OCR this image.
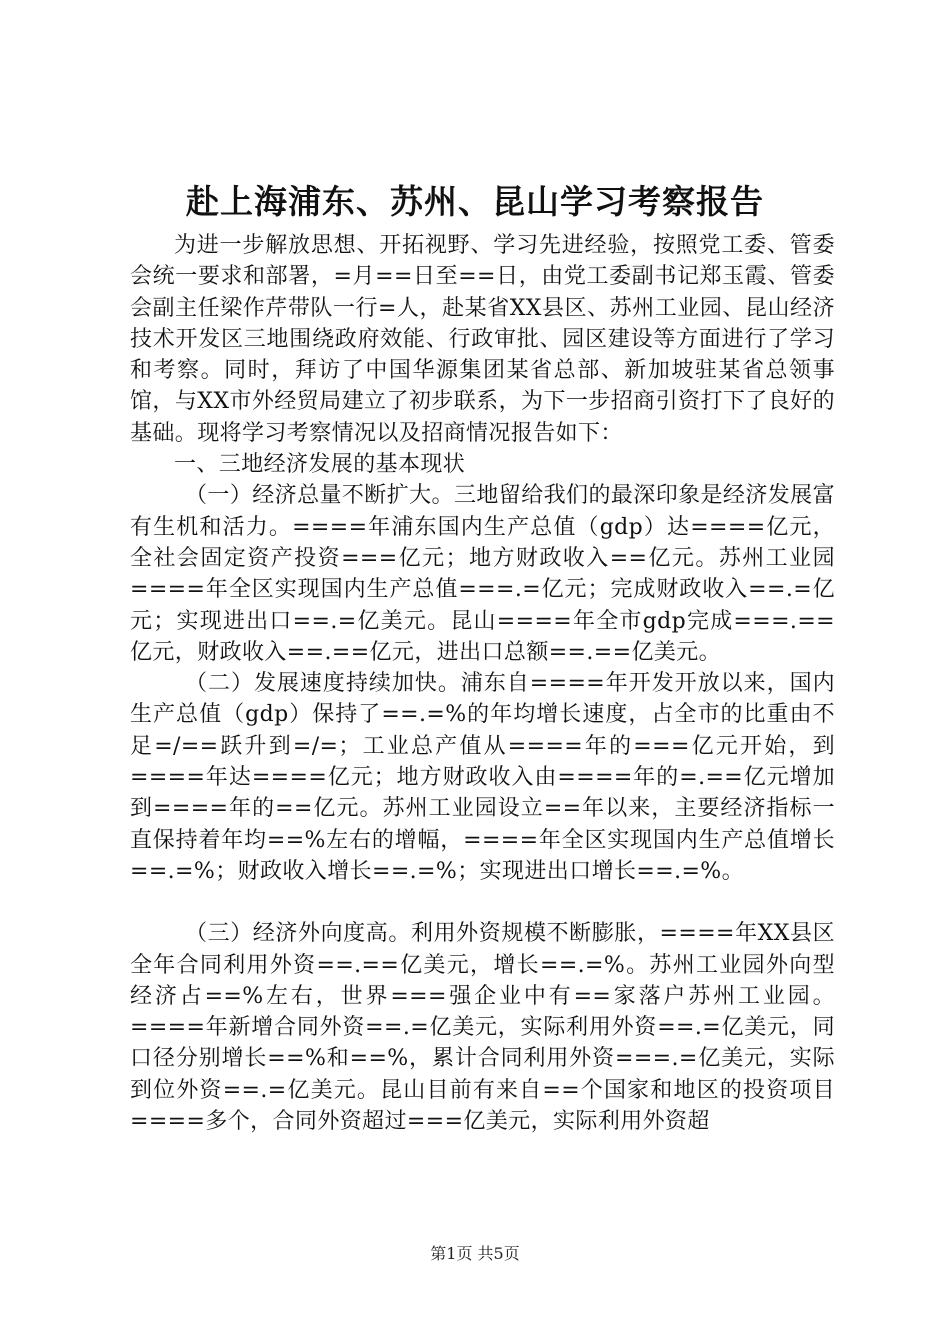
赴上海浦东、苏州、昆山学习考察报告

为进一步解放思想、开拓视野、学习先进经验，按照党工委、管委会统一要求和部署，=月==日至==日，由党工委副书记郑玉霞、管委会副主任梁作芹带队一行=人，赴某省XX县区、苏州工业园、昆山经济技术开发区三地围绕政府效能、行政审批、园区建设等方面进行了学习和考察。同时，拜访了中国华源集团某省总部、新加坡驻某省总领事馆，与XX市外经贸局建立了初步联系，为下一步招商引资打下了良好的基础。现将学习考察情况以及招商情况报告如下：

一、三地经济发展的基本现状

（一）经济总量不断扩大。三地留给我们的最深印象是经济发展富有生机和活力。====年浦东国内生产总值（gdp）达====亿元，全社会固定资产投资===亿元；地方财政收入==亿元。苏州工业园====年全区实现国内生产总值===.=亿元；完成财政收入==.=亿元；实现进出口==.=亿美元。昆山====年全市gdp完成===.==亿元，财政收入==.==亿元，进出口总额==.==亿美元。

（二）发展速度持续加快。浦东自====年开发开放以来，国内生产总值（gdp）保持了==.=%的年均增长速度，占全市的比重由不足=/==跃升到=/=；工业总产值从====年的===亿元开始，到====年达====亿元；地方财政收入由====年的=.==亿元增加到====年的==亿元。苏州工业园设立==年以来，主要经济指标一直保持着年均==%左右的增幅，====年全区实现国内生产总值增长==.=%；财政收入增长==.=%；实现进出口增长==.=%。

（三）经济外向度高。利用外资规模不断膨胀，====年XX县区全年合同利用外资==.==亿美元，增长==.=%。苏州工业园外向型经济占==%左右，世界===强企业中有==家落户苏州工业园。====年新增合同外资==.=亿美元，实际利用外资==.=亿美元，同口径分别增长==%和==%，累计合同利用外资===.=亿美元，实际到位外资==.=亿美元。昆山目前有来自==个国家和地区的投资项目====多个，合同外资超过===亿美元，实际利用外资超

第1页 共5页
